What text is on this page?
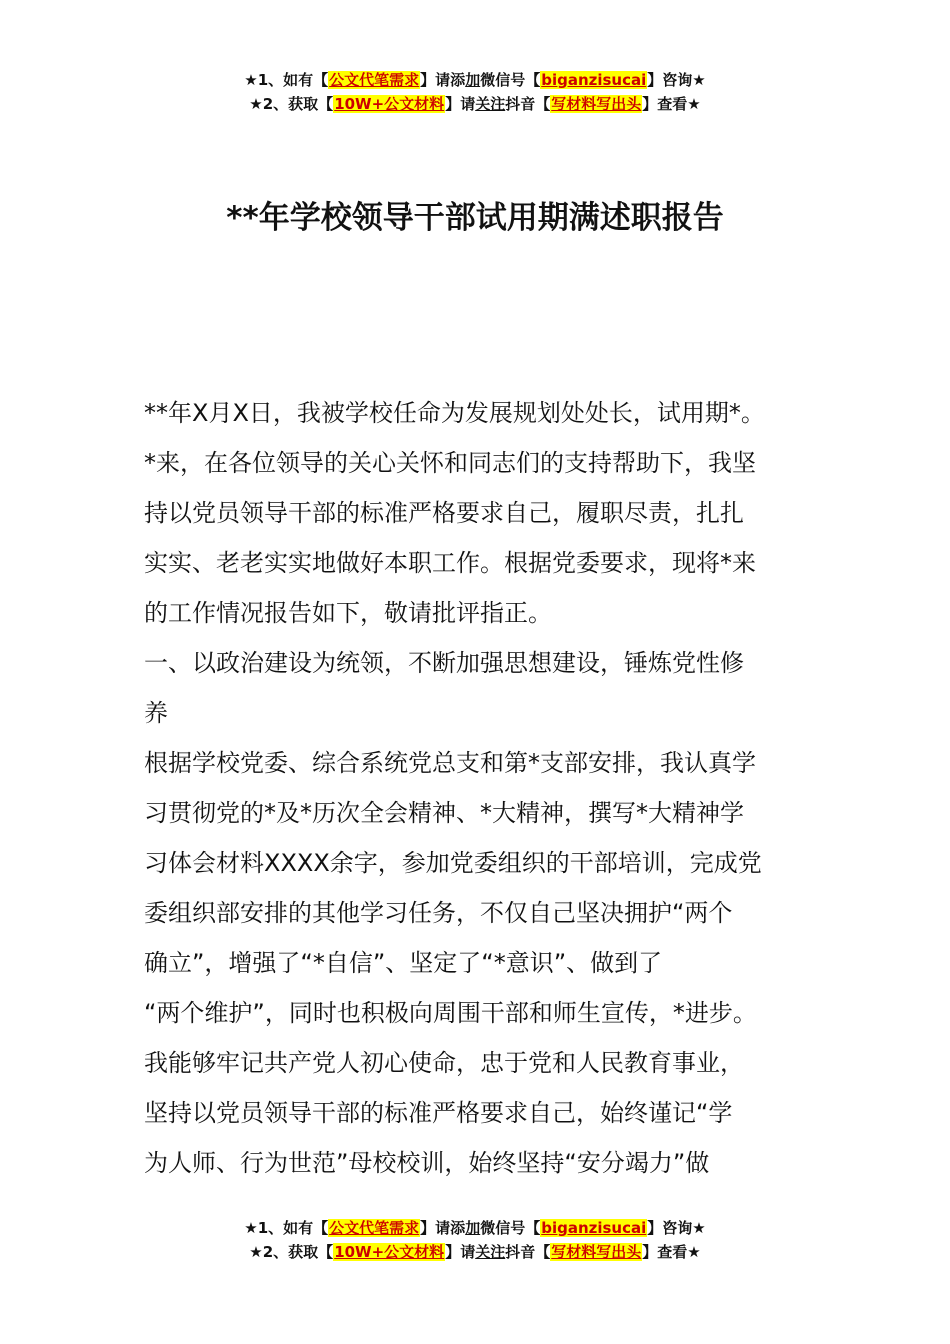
★1、如有【公文代笔需求】请添加微信号【biganzisucai】咨询★
★2、获取【10W+公文材料】请关注抖音【写材料写出头】查看★
**年学校领导干部试用期满述职报告

**年X月X日，我被学校任命为发展规划处处长，试用期*。

*来，在各位领导的关心关怀和同志们的支持帮助下，我坚

持以党员领导干部的标准严格要求自己，履职尽责，扎扎

实实、老老实实地做好本职工作。根据党委要求，现将*来

的工作情况报告如下，敬请批评指正。

一、以政治建设为统领，不断加强思想建设，锤炼党性修

养

根据学校党委、综合系统党总支和第*支部安排，我认真学

习贯彻党的*及*历次全会精神、*大精神，撰写*大精神学

习体会材料XXXX余字，参加党委组织的干部培训，完成党

委组织部安排的其他学习任务，不仅自己坚决拥护“两个

确立”，增强了“*自信”、坚定了“*意识”、做到了

“两个维护”，同时也积极向周围干部和师生宣传，*进步。

我能够牢记共产党人初心使命，忠于党和人民教育事业，

坚持以党员领导干部的标准严格要求自己，始终谨记“学

为人师、行为世范”母校校训，始终坚持“安分竭力”做

★1、如有【公文代笔需求】请添加微信号【biganzisucai】咨询★
★2、获取【10W+公文材料】请关注抖音【写材料写出头】查看★
